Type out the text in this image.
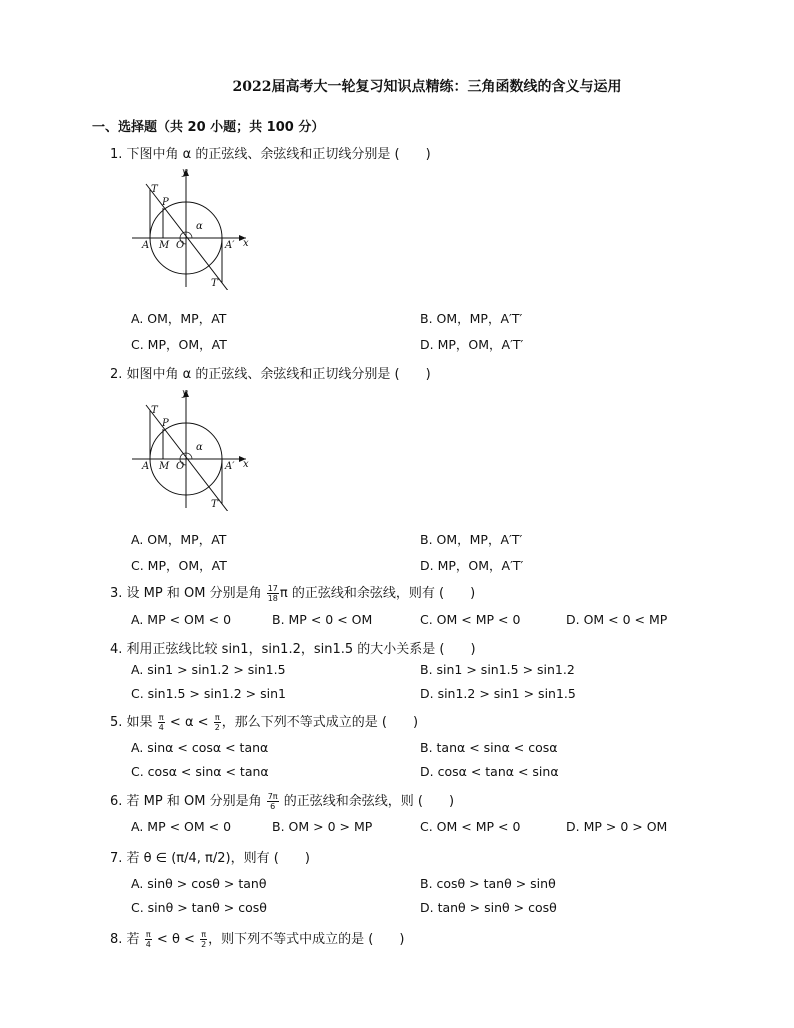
2022届高考大一轮复习知识点精练：三角函数线的含义与运用
一、选择题（共 20 小题；共 100 分）
1. 下图中角 α 的正弦线、余弦线和正切线分别是 (　　)
y
x
T
P
A M O
α
A′
T′
A. OM，MP，AT	B. OM，MP，A′T′
C. MP，OM，AT	D. MP，OM，A′T′
2. 如图中角 α 的正弦线、余弦线和正切线分别是 (　　)
y
x
T
P
A M O
α
A′
T′
A. OM，MP，AT	B. OM，MP，A′T′
C. MP，OM，AT	D. MP，OM，A′T′
3. 设 MP 和 OM 分别是角 $\frac{17}{18}$ π 的正弦线和余弦线，则有 (　　)
A. MP < OM < 0	B. MP < 0 < OM	C. OM < MP < 0	D. OM < 0 < MP
4. 利用正弦线比较 sin1，sin1.2，sin1.5 的大小关系是 (　　)
A. sin1 > sin1.2 > sin1.5	B. sin1 > sin1.5 > sin1.2
C. sin1.5 > sin1.2 > sin1	D. sin1.2 > sin1 > sin1.5
5. 如果 $\frac{\pi}{4} < \alpha < \frac{\pi}{2}$ ，那么下列不等式成立的是 (　　)
A. sinα < cosα < tanα	B. tanα < sinα < cosα
C. cosα < sinα < tanα	D. cosα < tanα < sinα
6. 若 MP 和 OM 分别是角 $\frac{7\pi}{6}$ 的正弦线和余弦线，则 (　　)
A. MP < OM < 0	B. OM > 0 > MP	C. OM < MP < 0	D. MP > 0 > OM
7. 若 θ ∈ (π/4, π/2)，则有 (　　)
A. sinθ > cosθ > tanθ	B. cosθ > tanθ > sinθ
C. sinθ > tanθ > cosθ	D. tanθ > sinθ > cosθ
8. 若 $\frac{\pi}{4} < \theta < \frac{\pi}{2}$ ，则下列不等式中成立的是 (　　)
